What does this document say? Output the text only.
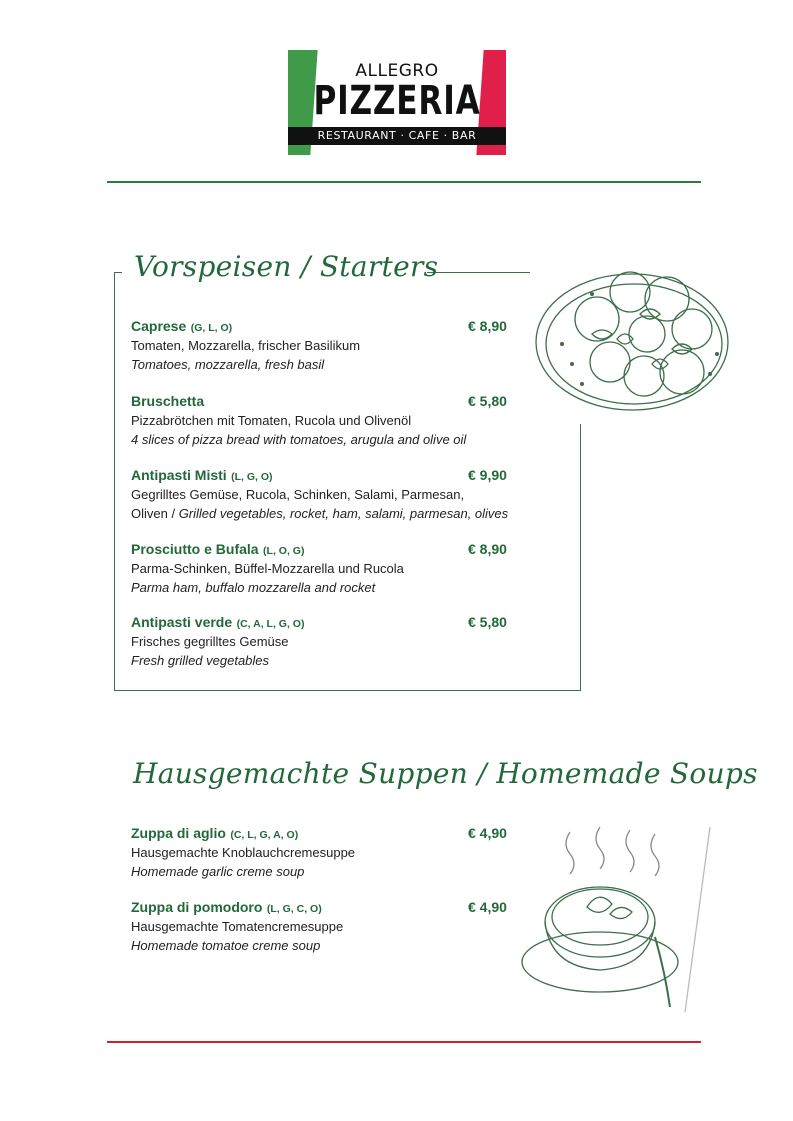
ALLEGRO
PIZZERIA
RESTAURANT · CAFE · BAR
Vorspeisen / Starters
Caprese (G, L, O)	€ 8,90
Tomaten, Mozzarella, frischer Basilikum
Tomatoes, mozzarella, fresh basil
Bruschetta	€ 5,80
Pizzabrötchen mit Tomaten, Rucola und Olivenöl
4 slices of pizza bread with tomatoes, arugula and olive oil
Antipasti Misti (L, G, O)	€ 9,90
Gegrilltes Gemüse, Rucola, Schinken, Salami, Parmesan,
Oliven / Grilled vegetables, rocket, ham, salami, parmesan, olives
Prosciutto e Bufala (L, O, G)	€ 8,90
Parma-Schinken, Büffel-Mozzarella und Rucola
Parma ham, buffalo mozzarella and rocket
Antipasti verde (C, A, L, G, O)	€ 5,80
Frisches gegrilltes Gemüse
Fresh grilled vegetables
Hausgemachte Suppen / Homemade Soups
Zuppa di aglio (C, L, G, A, O)	€ 4,90
Hausgemachte Knoblauchcremesuppe
Homemade garlic creme soup
Zuppa di pomodoro (L, G, C, O)	€ 4,90
Hausgemachte Tomatencremesuppe
Homemade tomatoe creme soup
